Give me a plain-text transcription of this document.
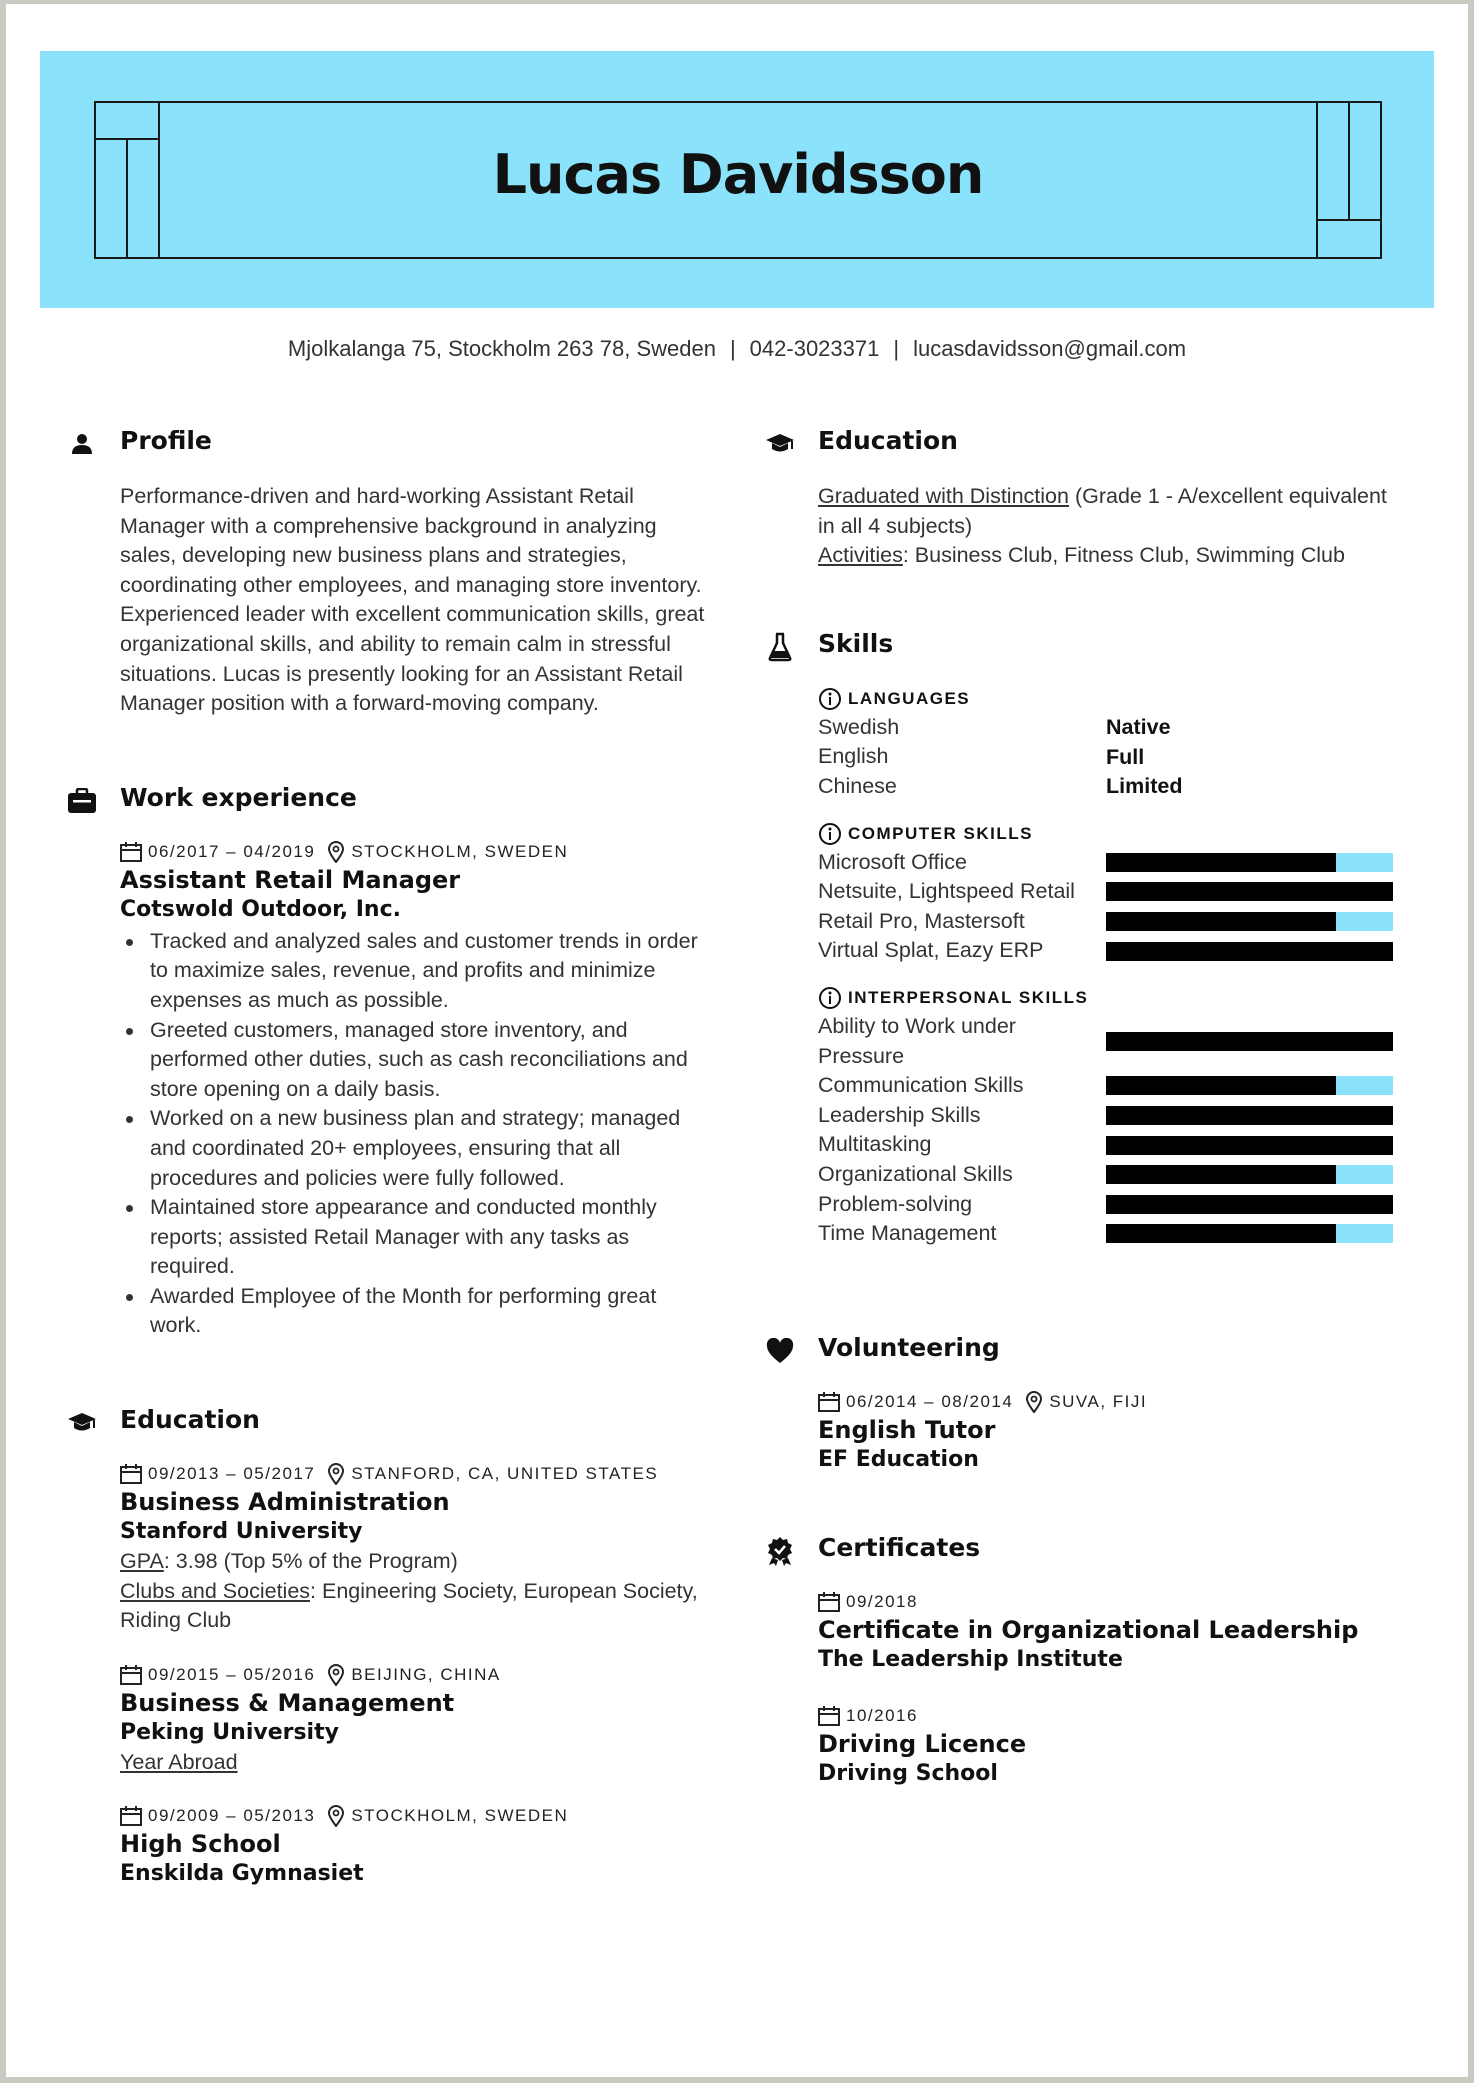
Lucas Davidsson
Mjolkalanga 75, Stockholm 263 78, Sweden | 042-3023371 | lucasdavidsson@gmail.com
Profile
Performance-driven and hard-working Assistant Retail Manager with a comprehensive background in analyzing sales, developing new business plans and strategies, coordinating other employees, and managing store inventory. Experienced leader with excellent communication skills, great organizational skills, and ability to remain calm in stressful situations. Lucas is presently looking for an Assistant Retail Manager position with a forward-moving company.
Work experience
06/2017 – 04/2019 STOCKHOLM, SWEDEN
Assistant Retail Manager
Cotswold Outdoor, Inc.
Tracked and analyzed sales and customer trends in order to maximize sales, revenue, and profits and minimize expenses as much as possible.
Greeted customers, managed store inventory, and performed other duties, such as cash reconciliations and store opening on a daily basis.
Worked on a new business plan and strategy; managed and coordinated 20+ employees, ensuring that all procedures and policies were fully followed.
Maintained store appearance and conducted monthly reports; assisted Retail Manager with any tasks as required.
Awarded Employee of the Month for performing great work.
Education
09/2013 – 05/2017 STANFORD, CA, UNITED STATES
Business Administration
Stanford University
GPA: 3.98 (Top 5% of the Program)
Clubs and Societies: Engineering Society, European Society, Riding Club
09/2015 – 05/2016 BEIJING, CHINA
Business & Management
Peking University
Year Abroad
09/2009 – 05/2013 STOCKHOLM, SWEDEN
High School
Enskilda Gymnasiet
Education
Graduated with Distinction (Grade 1 - A/excellent equivalent in all 4 subjects)
Activities: Business Club, Fitness Club, Swimming Club
Skills
LANGUAGES
Swedish	Native
English	Full
Chinese	Limited
COMPUTER SKILLS
Microsoft Office
Netsuite, Lightspeed Retail
Retail Pro, Mastersoft
Virtual Splat, Eazy ERP
INTERPERSONAL SKILLS
Ability to Work under Pressure
Communication Skills
Leadership Skills
Multitasking
Organizational Skills
Problem-solving
Time Management
Volunteering
06/2014 – 08/2014 SUVA, FIJI
English Tutor
EF Education
Certificates
09/2018
Certificate in Organizational Leadership
The Leadership Institute
10/2016
Driving Licence
Driving School
